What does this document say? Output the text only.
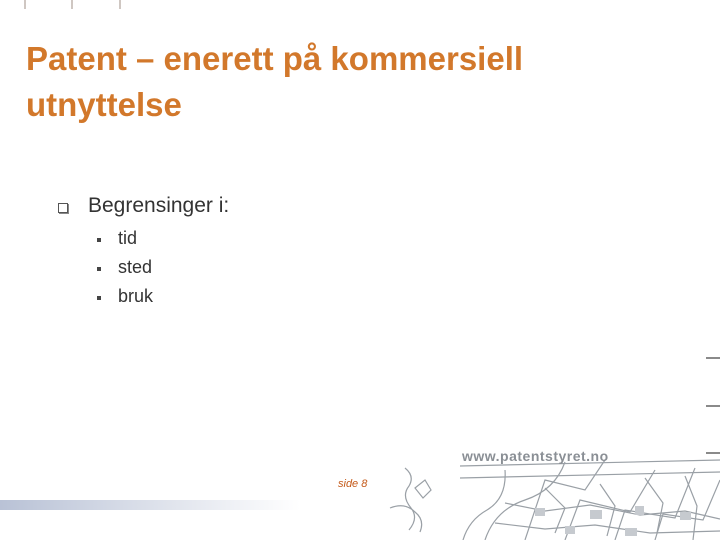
Patent – enerett på kommersiell utnyttelse
Begrensinger i:
tid
sted
bruk
side 8
www.patentstyret.no
